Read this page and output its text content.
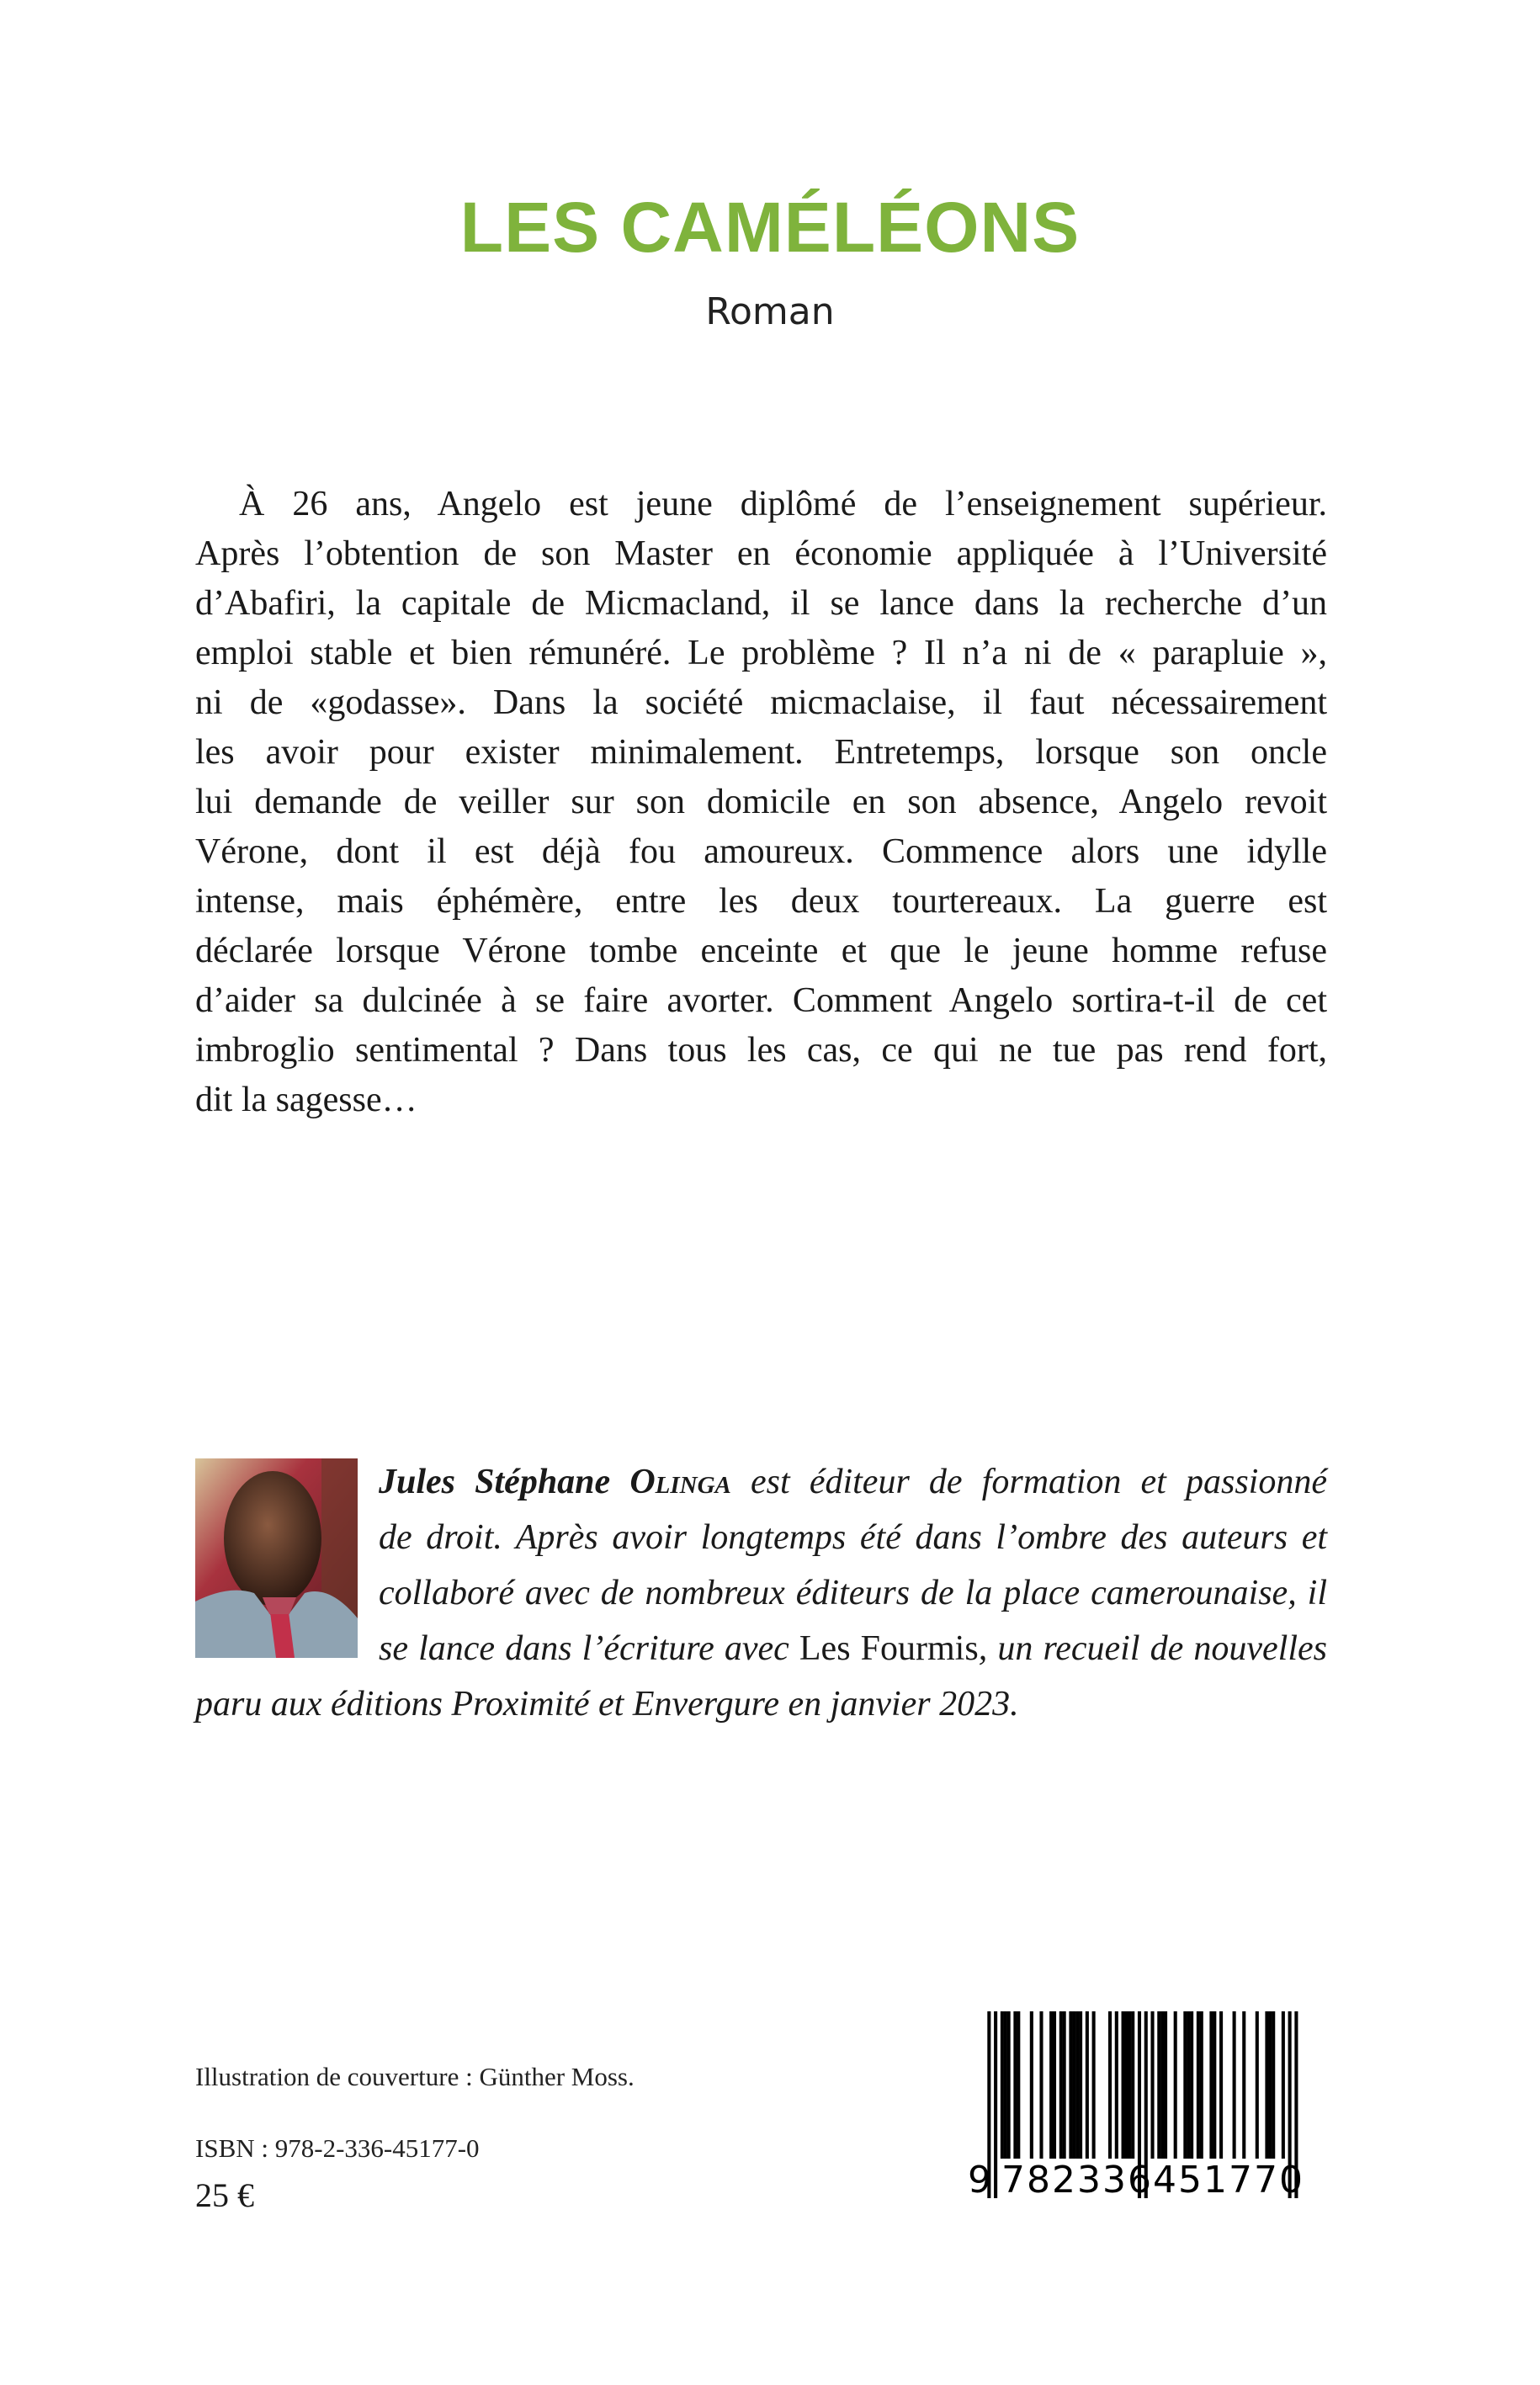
LES CAMÉLÉONS
Roman
À 26 ans, Angelo est jeune diplômé de l’enseignement supérieur.
Après l’obtention de son Master en économie appliquée à l’Université
d’Abafiri, la capitale de Micmacland, il se lance dans la recherche d’un
emploi stable et bien rémunéré. Le problème ? Il n’a ni de « parapluie »,
ni de «godasse». Dans la société micmaclaise, il faut nécessairement
les avoir pour exister minimalement. Entretemps, lorsque son oncle
lui demande de veiller sur son domicile en son absence, Angelo revoit
Vérone, dont il est déjà fou amoureux. Commence alors une idylle
intense, mais éphémère, entre les deux tourtereaux. La guerre est
déclarée lorsque Vérone tombe enceinte et que le jeune homme refuse
d’aider sa dulcinée à se faire avorter. Comment Angelo sortira-t-il de cet
imbroglio sentimental ? Dans tous les cas, ce qui ne tue pas rend fort,
dit la sagesse…
Jules Stéphane Olinga est éditeur de formation et passionné
de droit. Après avoir longtemps été dans l’ombre des auteurs et
collaboré avec de nombreux éditeurs de la place camerounaise, il
se lance dans l’écriture avec Les Fourmis, un recueil de nouvelles
paru aux éditions Proximité et Envergure en janvier 2023.
Illustration de couverture : Günther Moss.
ISBN : 978-2-336-45177-0
25 €	9 782336 451770
